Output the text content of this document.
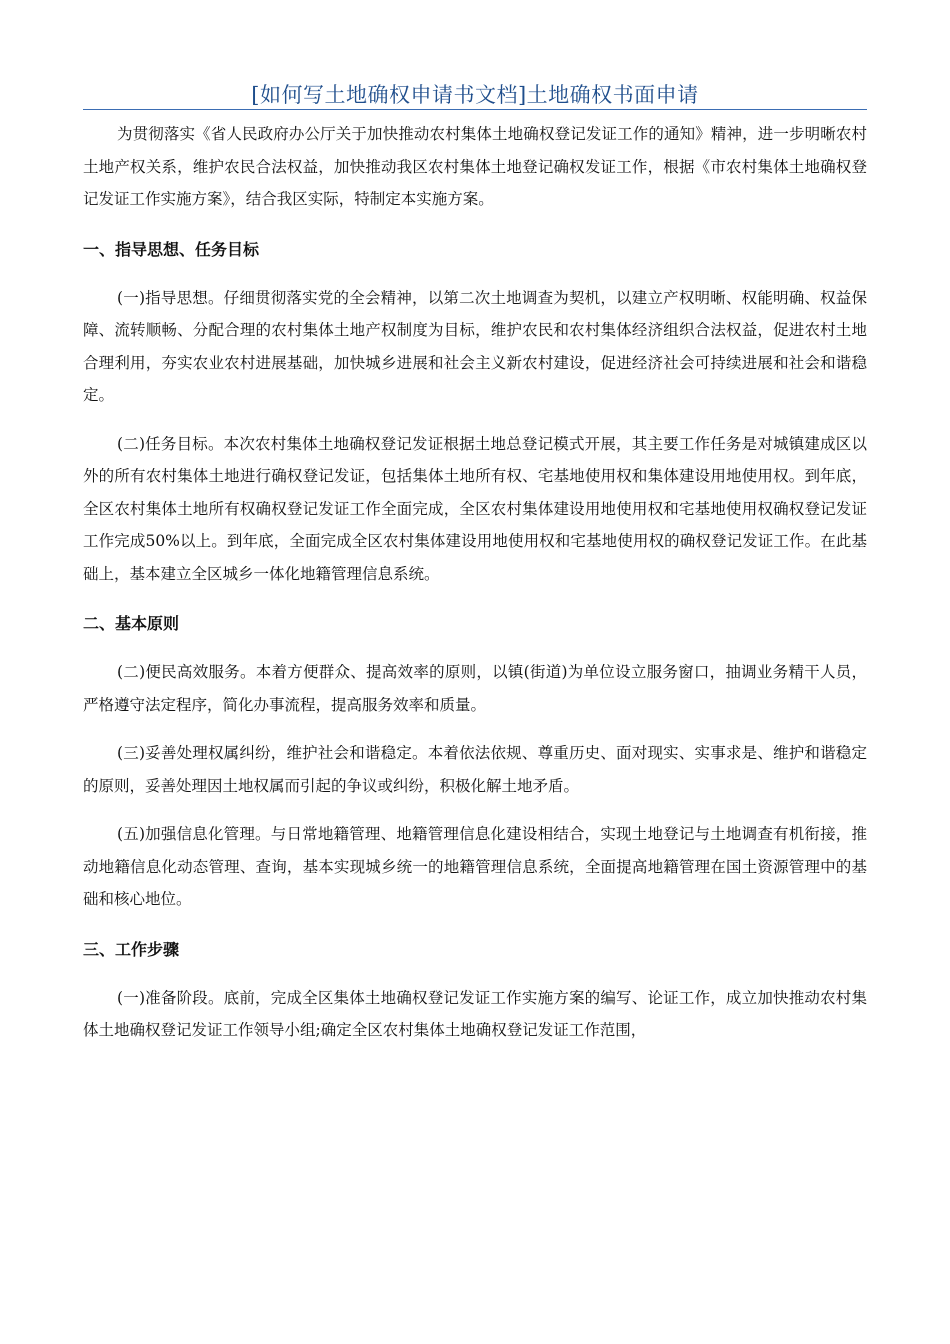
[如何写土地确权申请书文档]土地确权书面申请

为贯彻落实《省人民政府办公厅关于加快推动农村集体土地确权登记发证工作的通知》精神，进一步明晰农村土地产权关系，维护农民合法权益，加快推动我区农村集体土地登记确权发证工作，根据《市农村集体土地确权登记发证工作实施方案》，结合我区实际，特制定本实施方案。

一、指导思想、任务目标

(一)指导思想。仔细贯彻落实党的全会精神，以第二次土地调查为契机，以建立产权明晰、权能明确、权益保障、流转顺畅、分配合理的农村集体土地产权制度为目标，维护农民和农村集体经济组织合法权益，促进农村土地合理利用，夯实农业农村进展基础，加快城乡进展和社会主义新农村建设，促进经济社会可持续进展和社会和谐稳定。

(二)任务目标。本次农村集体土地确权登记发证根据土地总登记模式开展，其主要工作任务是对城镇建成区以外的所有农村集体土地进行确权登记发证，包括集体土地所有权、宅基地使用权和集体建设用地使用权。到年底，全区农村集体土地所有权确权登记发证工作全面完成，全区农村集体建设用地使用权和宅基地使用权确权登记发证工作完成50%以上。到年底，全面完成全区农村集体建设用地使用权和宅基地使用权的确权登记发证工作。在此基础上，基本建立全区城乡一体化地籍管理信息系统。

二、基本原则

(二)便民高效服务。本着方便群众、提高效率的原则，以镇(街道)为单位设立服务窗口，抽调业务精干人员，严格遵守法定程序，简化办事流程，提高服务效率和质量。

(三)妥善处理权属纠纷，维护社会和谐稳定。本着依法依规、尊重历史、面对现实、实事求是、维护和谐稳定的原则，妥善处理因土地权属而引起的争议或纠纷，积极化解土地矛盾。

(五)加强信息化管理。与日常地籍管理、地籍管理信息化建设相结合，实现土地登记与土地调查有机衔接，推动地籍信息化动态管理、查询，基本实现城乡统一的地籍管理信息系统，全面提高地籍管理在国土资源管理中的基础和核心地位。

三、工作步骤

(一)准备阶段。底前，完成全区集体土地确权登记发证工作实施方案的编写、论证工作，成立加快推动农村集体土地确权登记发证工作领导小组;确定全区农村集体土地确权登记发证工作范围，
